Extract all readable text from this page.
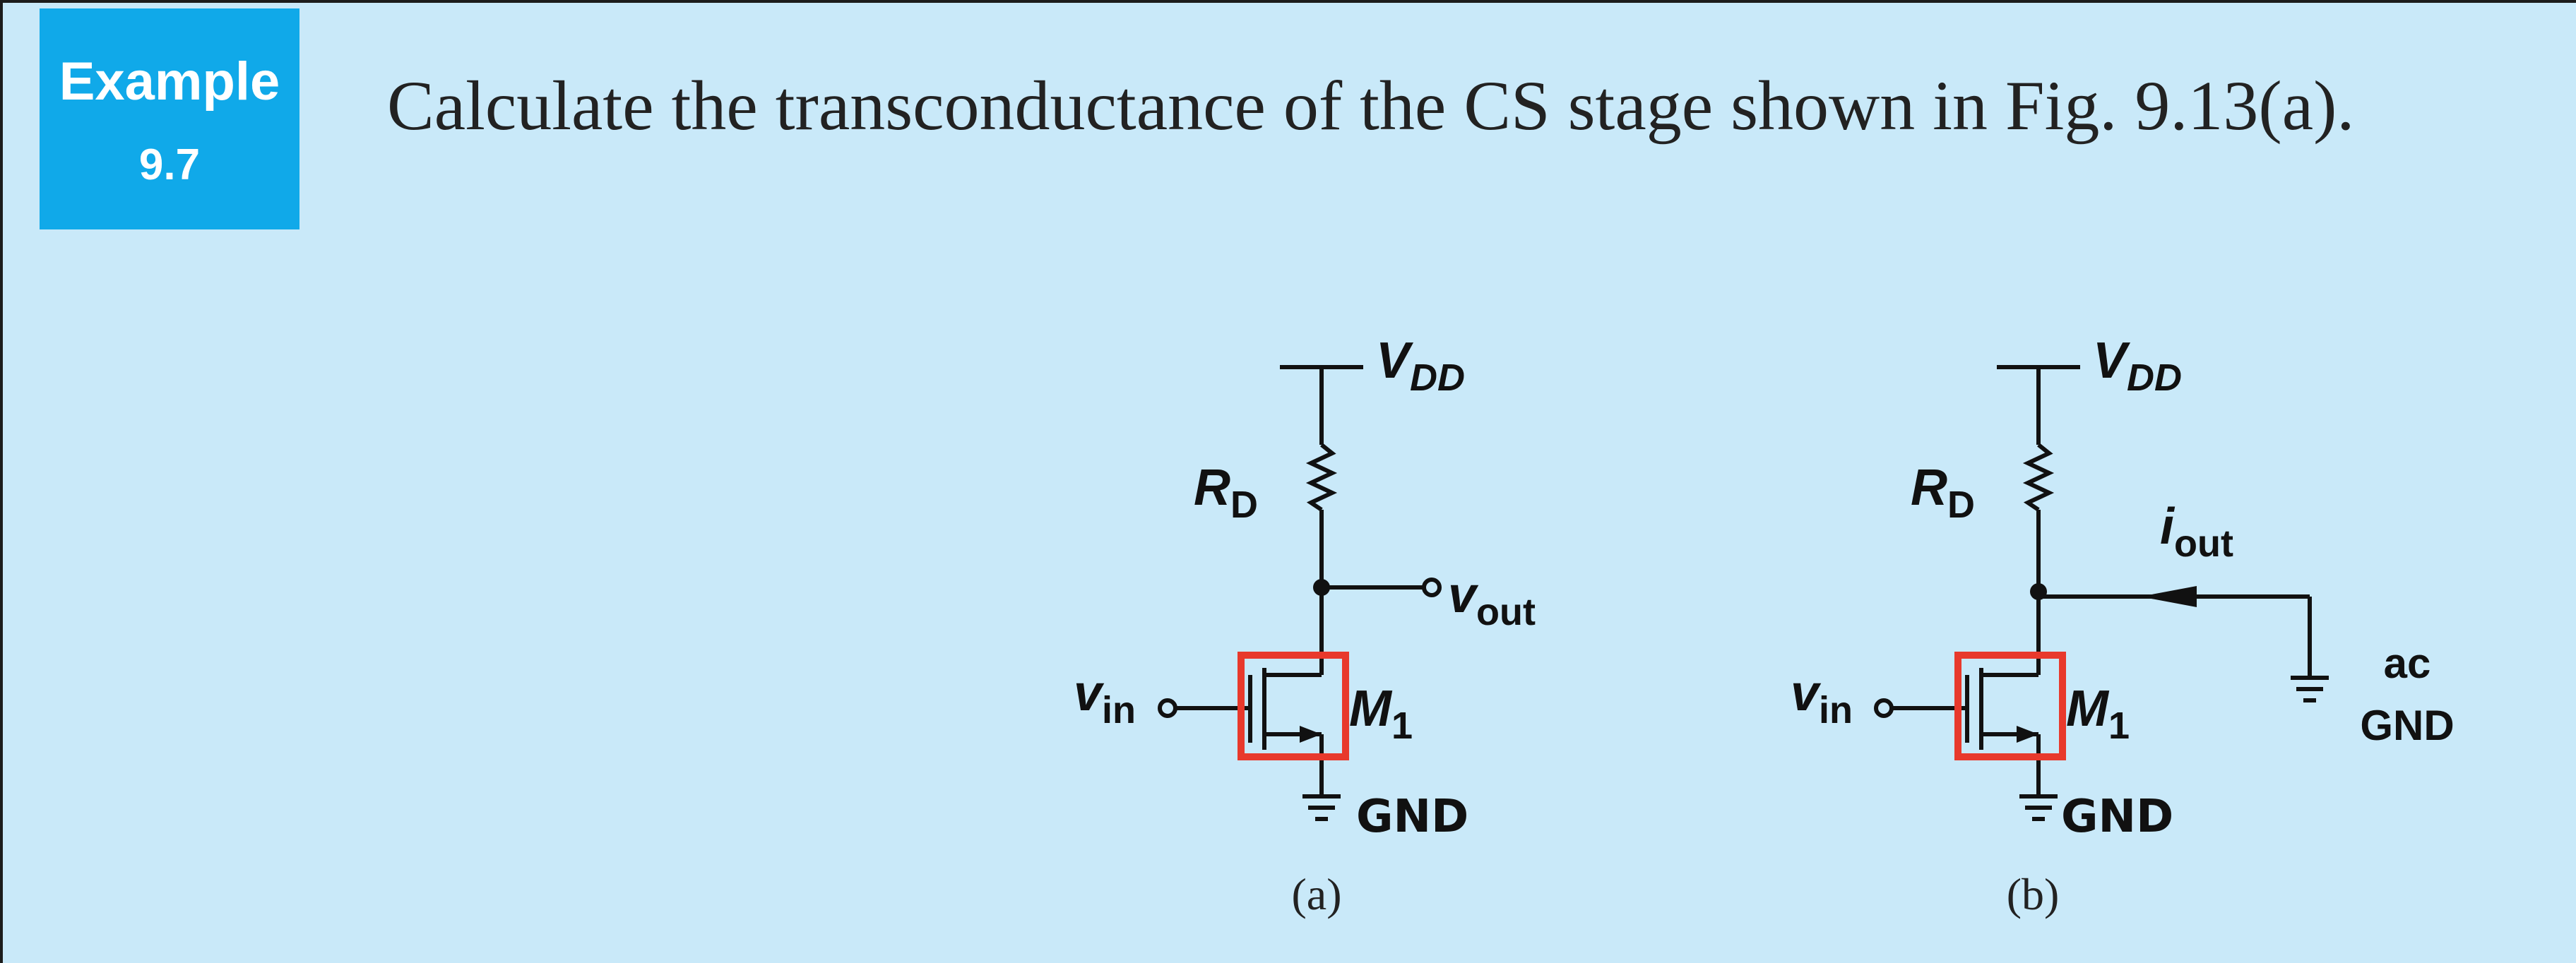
Example
9.7
Calculate the transconductance of the CS stage shown in Fig. 9.13(a).
$V_{DD}$
$R_D$
$v_{out}$
$v_{in}$	$M_1$
GND
(a)
$V_{DD}$
$R_D$	$i_{out}$
$v_{in}$	$M_1$
GND
ac
GND
(b)
